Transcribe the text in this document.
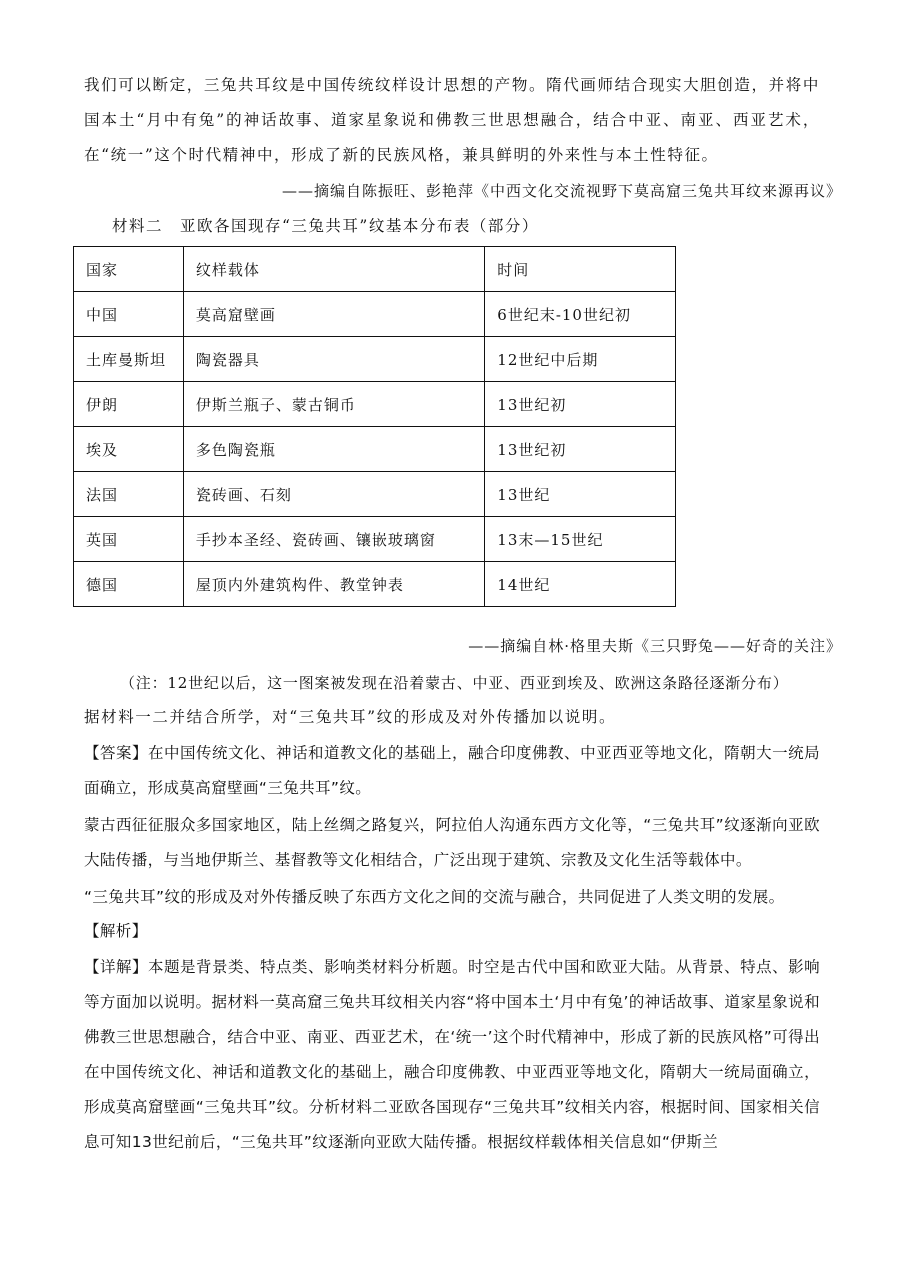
我们可以断定，三兔共耳纹是中国传统纹样设计思想的产物。隋代画师结合现实大胆创造，并将中国本土“月中有兔”的神话故事、道家星象说和佛教三世思想融合，结合中亚、南亚、西亚艺术，在“统一”这个时代精神中，形成了新的民族风格，兼具鲜明的外来性与本土性特征。

——摘编自陈振旺、彭艳萍《中西文化交流视野下莫高窟三兔共耳纹来源再议》

材料二　亚欧各国现存“三兔共耳”纹基本分布表（部分）

国家	纹样载体	时间
中国	莫高窟壁画	6世纪末-10世纪初
土库曼斯坦	陶瓷器具	12世纪中后期
伊朗	伊斯兰瓶子、蒙古铜币	13世纪初
埃及	多色陶瓷瓶	13世纪初
法国	瓷砖画、石刻	13世纪
英国	手抄本圣经、瓷砖画、镶嵌玻璃窗	13末—15世纪
德国	屋顶内外建筑构件、教堂钟表	14世纪

——摘编自林·格里夫斯《三只野兔——好奇的关注》

（注：12世纪以后，这一图案被发现在沿着蒙古、中亚、西亚到埃及、欧洲这条路径逐渐分布）

据材料一二并结合所学，对“三兔共耳”纹的形成及对外传播加以说明。

【答案】在中国传统文化、神话和道教文化的基础上，融合印度佛教、中亚西亚等地文化，隋朝大一统局面确立，形成莫高窟壁画“三兔共耳”纹。

蒙古西征征服众多国家地区，陆上丝绸之路复兴，阿拉伯人沟通东西方文化等，“三兔共耳”纹逐渐向亚欧大陆传播，与当地伊斯兰、基督教等文化相结合，广泛出现于建筑、宗教及文化生活等载体中。

“三兔共耳”纹的形成及对外传播反映了东西方文化之间的交流与融合，共同促进了人类文明的发展。

【解析】

【详解】本题是背景类、特点类、影响类材料分析题。时空是古代中国和欧亚大陆。从背景、特点、影响等方面加以说明。据材料一莫高窟三兔共耳纹相关内容“将中国本土‘月中有兔’的神话故事、道家星象说和佛教三世思想融合，结合中亚、南亚、西亚艺术，在‘统一’这个时代精神中，形成了新的民族风格”可得出在中国传统文化、神话和道教文化的基础上，融合印度佛教、中亚西亚等地文化，隋朝大一统局面确立，形成莫高窟壁画“三兔共耳”纹。分析材料二亚欧各国现存“三兔共耳”纹相关内容，根据时间、国家相关信息可知13世纪前后，“三兔共耳”纹逐渐向亚欧大陆传播。根据纹样载体相关信息如“伊斯兰
